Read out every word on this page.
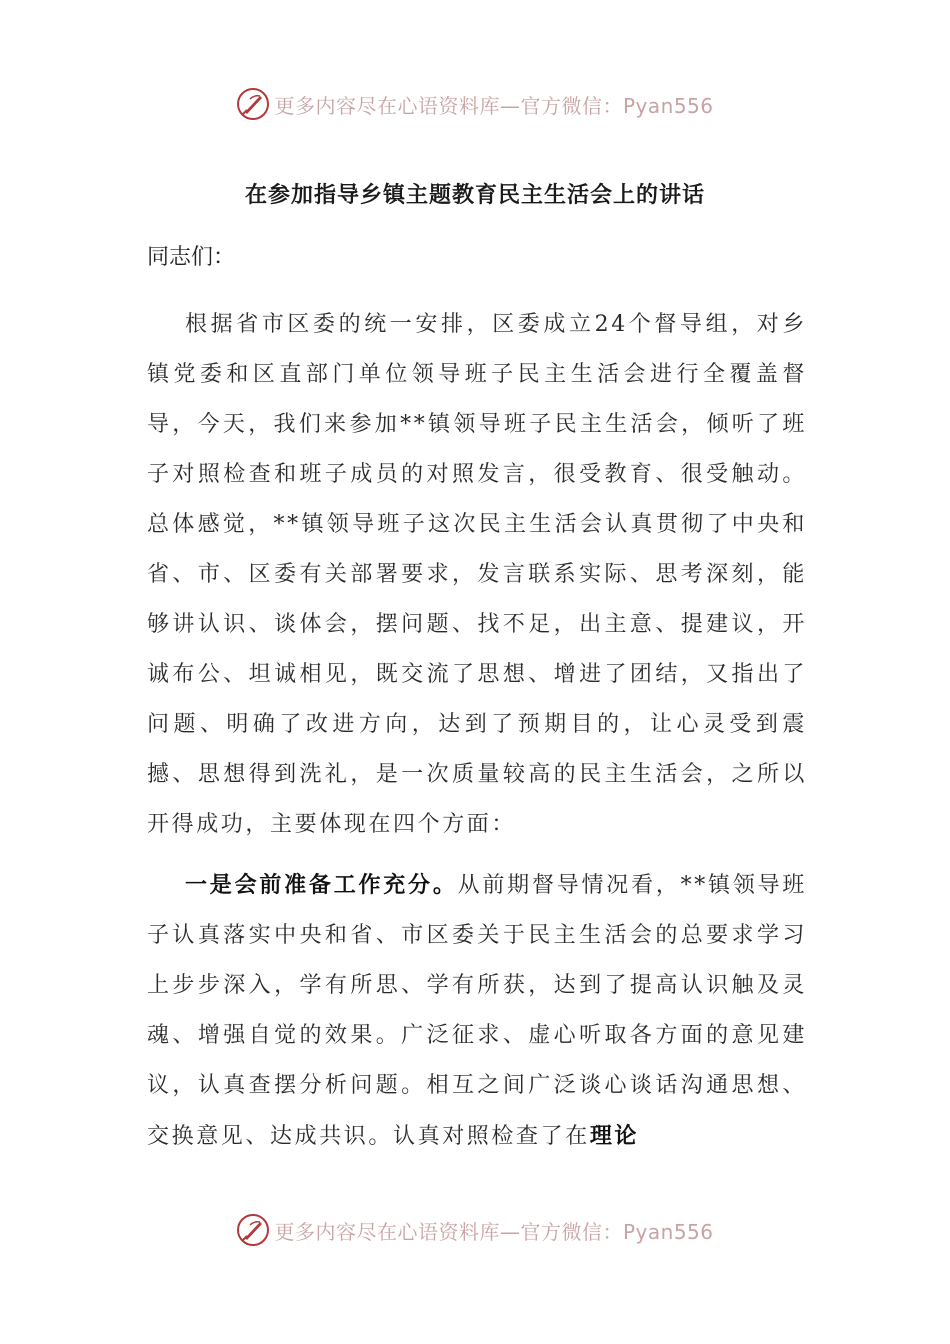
更多内容尽在心语资料库—官方微信：Pyan556
在参加指导乡镇主题教育民主生活会上的讲话
同志们：

根据省市区委的统一安排，区委成立24个督导组，对乡镇党委和区直部门单位领导班子民主生活会进行全覆盖督导，今天，我们来参加**镇领导班子民主生活会，倾听了班子对照检查和班子成员的对照发言，很受教育、很受触动。总体感觉，**镇领导班子这次民主生活会认真贯彻了中央和省、市、区委有关部署要求，发言联系实际、思考深刻，能够讲认识、谈体会，摆问题、找不足，出主意、提建议，开诚布公、坦诚相见，既交流了思想、增进了团结，又指出了问题、明确了改进方向，达到了预期目的，让心灵受到震撼、思想得到洗礼，是一次质量较高的民主生活会，之所以开得成功，主要体现在四个方面：

一是会前准备工作充分。从前期督导情况看，**镇领导班子认真落实中央和省、市区委关于民主生活会的总要求学习上步步深入，学有所思、学有所获，达到了提高认识触及灵魂、增强自觉的效果。广泛征求、虚心听取各方面的意见建议，认真查摆分析问题。相互之间广泛谈心谈话沟通思想、交换意见、达成共识。认真对照检查了在理论

更多内容尽在心语资料库—官方微信：Pyan556
